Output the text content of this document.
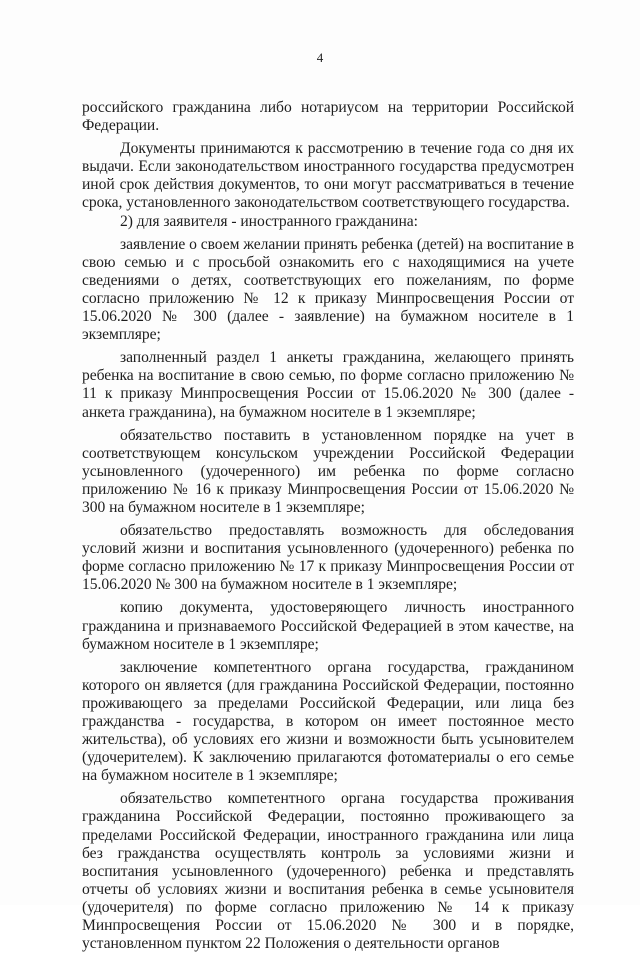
4

российского гражданина либо нотариусом на территории Российской Федерации.

Документы принимаются к рассмотрению в течение года со дня их выдачи. Если законодательством иностранного государства предусмотрен иной срок действия документов, то они могут рассматриваться в течение срока, установленного законодательством соответствующего государства.

2) для заявителя - иностранного гражданина:

заявление о своем желании принять ребенка (детей) на воспитание в свою семью и с просьбой ознакомить его с находящимися на учете сведениями о детях, соответствующих его пожеланиям, по форме согласно приложению № 12 к приказу Минпросвещения России от 15.06.2020 № 300 (далее - заявление) на бумажном носителе в 1 экземпляре;

заполненный раздел 1 анкеты гражданина, желающего принять ребенка на воспитание в свою семью, по форме согласно приложению № 11 к приказу Минпросвещения России от 15.06.2020 № 300 (далее - анкета гражданина), на бумажном носителе в 1 экземпляре;

обязательство поставить в установленном порядке на учет в соответствующем консульском учреждении Российской Федерации усыновленного (удочеренного) им ребенка по форме согласно приложению № 16 к приказу Минпросвещения России от 15.06.2020 № 300 на бумажном носителе в 1 экземпляре;

обязательство предоставлять возможность для обследования условий жизни и воспитания усыновленного (удочеренного) ребенка по форме согласно приложению № 17 к приказу Минпросвещения России от 15.06.2020 № 300 на бумажном носителе в 1 экземпляре;

копию документа, удостоверяющего личность иностранного гражданина и признаваемого Российской Федерацией в этом качестве, на бумажном носителе в 1 экземпляре;

заключение компетентного органа государства, гражданином которого он является (для гражданина Российской Федерации, постоянно проживающего за пределами Российской Федерации, или лица без гражданства - государства, в котором он имеет постоянное место жительства), об условиях его жизни и возможности быть усыновителем (удочерителем). К заключению прилагаются фотоматериалы о его семье на бумажном носителе в 1 экземпляре;

обязательство компетентного органа государства проживания гражданина Российской Федерации, постоянно проживающего за пределами Российской Федерации, иностранного гражданина или лица без гражданства осуществлять контроль за условиями жизни и воспитания усыновленного (удочеренного) ребенка и представлять отчеты об условиях жизни и воспитания ребенка в семье усыновителя (удочерителя) по форме согласно приложению № 14 к приказу Минпросвещения России от 15.06.2020 № 300 и в порядке, установленном пунктом 22 Положения о деятельности органов
